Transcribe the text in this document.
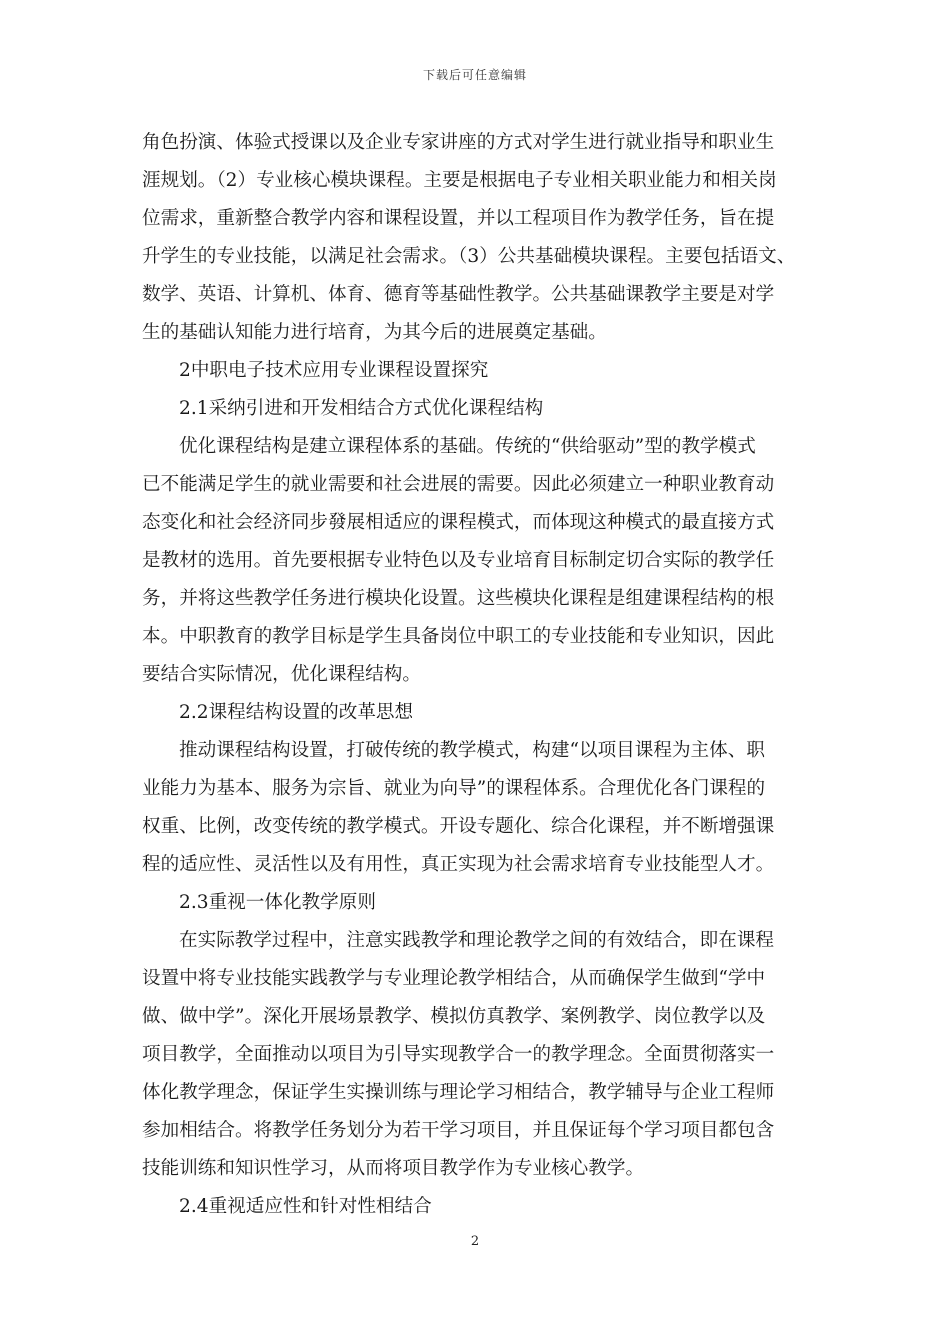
下载后可任意编辑
角色扮演、体验式授课以及企业专家讲座的方式对学生进行就业指导和职业生
涯规划。（2）专业核心模块课程。主要是根据电子专业相关职业能力和相关岗
位需求，重新整合教学内容和课程设置，并以工程项目作为教学任务，旨在提
升学生的专业技能，以满足社会需求。（3）公共基础模块课程。主要包括语文、
数学、英语、计算机、体育、德育等基础性教学。公共基础课教学主要是对学
生的基础认知能力进行培育，为其今后的进展奠定基础。
2中职电子技术应用专业课程设置探究
2.1采纳引进和开发相结合方式优化课程结构
优化课程结构是建立课程体系的基础。传统的“供给驱动”型的教学模式
已不能满足学生的就业需要和社会进展的需要。因此必须建立一种职业教育动
态变化和社会经济同步發展相适应的课程模式，而体现这种模式的最直接方式
是教材的选用。首先要根据专业特色以及专业培育目标制定切合实际的教学任
务，并将这些教学任务进行模块化设置。这些模块化课程是组建课程结构的根
本。中职教育的教学目标是学生具备岗位中职工的专业技能和专业知识，因此
要结合实际情况，优化课程结构。
2.2课程结构设置的改革思想
推动课程结构设置，打破传统的教学模式，构建“以项目课程为主体、职
业能力为基本、服务为宗旨、就业为向导”的课程体系。合理优化各门课程的
权重、比例，改变传统的教学模式。开设专题化、综合化课程，并不断增强课
程的适应性、灵活性以及有用性，真正实现为社会需求培育专业技能型人才。
2.3重视一体化教学原则
在实际教学过程中，注意实践教学和理论教学之间的有效结合，即在课程
设置中将专业技能实践教学与专业理论教学相结合，从而确保学生做到“学中
做、做中学”。深化开展场景教学、模拟仿真教学、案例教学、岗位教学以及
项目教学，全面推动以项目为引导实现教学合一的教学理念。全面贯彻落实一
体化教学理念，保证学生实操训练与理论学习相结合，教学辅导与企业工程师
参加相结合。将教学任务划分为若干学习项目，并且保证每个学习项目都包含
技能训练和知识性学习，从而将项目教学作为专业核心教学。
2.4重视适应性和针对性相结合
2
